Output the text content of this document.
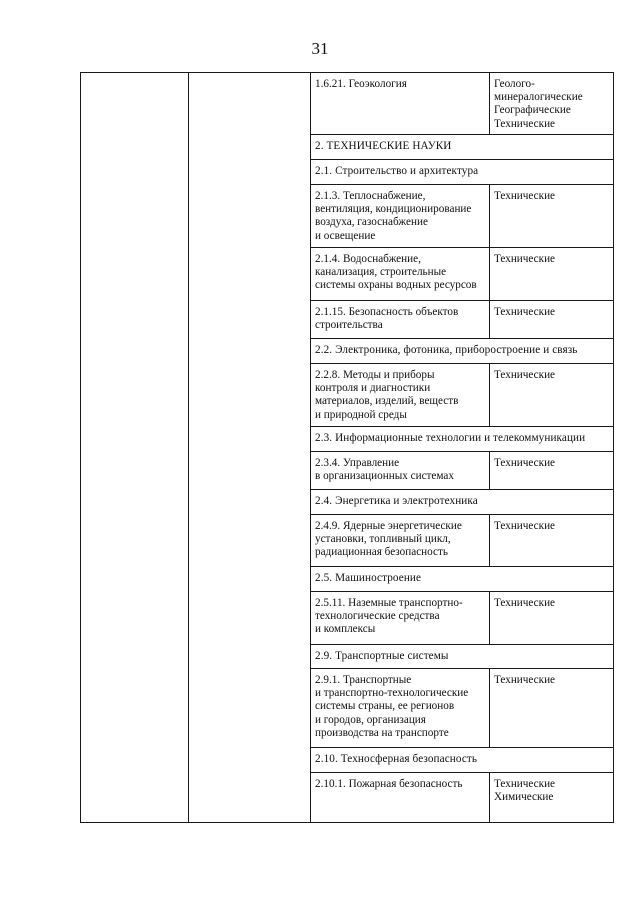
31

		1.6.21. Геоэкология	Геолого-
минералогические
Географические
Технические

		2. ТЕХНИЧЕСКИЕ НАУКИ	

		2.1. Строительство и архитектура	

		2.1.3. Теплоснабжение,
вентиляция, кондиционирование
воздуха, газоснабжение
и освещение	Технические

		2.1.4. Водоснабжение,
канализация, строительные
системы охраны водных ресурсов	Технические

		2.1.15. Безопасность объектов
строительства	Технические

		2.2. Электроника, фотоника, приборостроение и связь	

		2.2.8. Методы и приборы
контроля и диагностики
материалов, изделий, веществ
и природной среды	Технические

		2.3. Информационные технологии и телекоммуникации	

		2.3.4. Управление
в организационных системах	Технические

		2.4. Энергетика и электротехника	

		2.4.9. Ядерные энергетические
установки, топливный цикл,
радиационная безопасность	Технические

		2.5. Машиностроение	

		2.5.11. Наземные транспортно-
технологические средства
и комплексы	Технические

		2.9. Транспортные системы	

		2.9.1. Транспортные
и транспортно-технологические
системы страны, ее регионов
и городов, организация
производства на транспорте	Технические

		2.10. Техносферная безопасность	

		2.10.1. Пожарная безопасность	Технические
Химические
